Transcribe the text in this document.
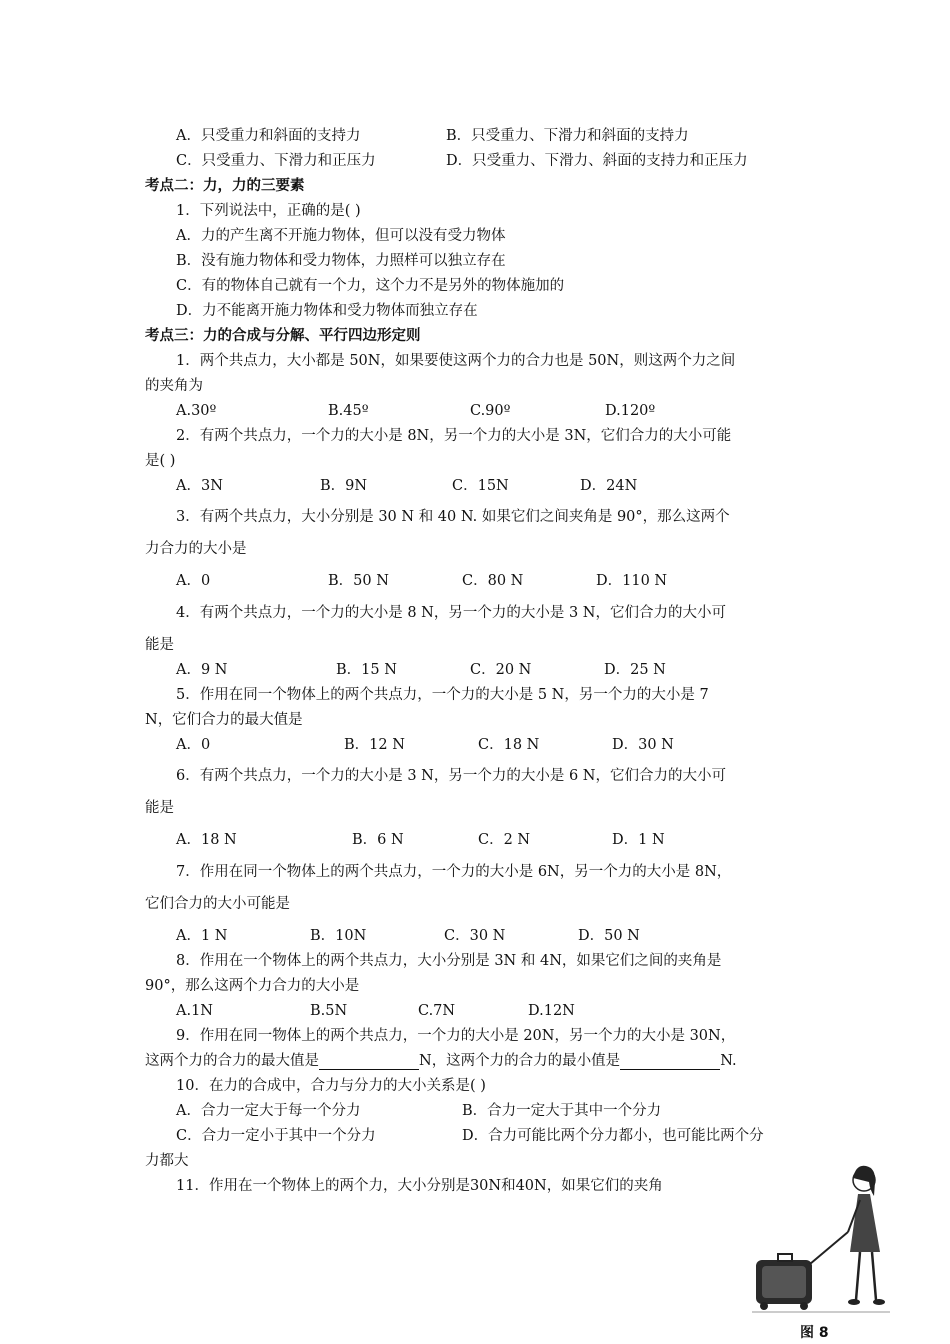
A．只受重力和斜面的支持力	B．只受重力、下滑力和斜面的支持力
C．只受重力、下滑力和正压力	D．只受重力、下滑力、斜面的支持力和正压力
考点二：力，力的三要素
1．下列说法中，正确的是( )
A．力的产生离不开施力物体，但可以没有受力物体
B．没有施力物体和受力物体，力照样可以独立存在
C．有的物体自己就有一个力，这个力不是另外的物体施加的
D．力不能离开施力物体和受力物体而独立存在
考点三：力的合成与分解、平行四边形定则
1．两个共点力，大小都是 50N，如果要使这两个力的合力也是 50N，则这两个力之间
的夹角为
A.30º	B.45º	C.90º	D.120º
2．有两个共点力，一个力的大小是 8N，另一个力的大小是 3N，它们合力的大小可能
是( )
A．3N	B．9N	C．15N	D．24N
3．有两个共点力，大小分别是 30 N 和 40 N. 如果它们之间夹角是 90°，那么这两个
力合力的大小是
A．0	B．50 N	C．80 N	D．110 N
4．有两个共点力，一个力的大小是 8 N，另一个力的大小是 3 N，它们合力的大小可
能是
A．9 N	B．15 N	C．20 N	D．25 N
5．作用在同一个物体上的两个共点力，一个力的大小是 5 N，另一个力的大小是 7
N，它们合力的最大值是
A．0	B．12 N	C．18 N	D．30 N
6．有两个共点力，一个力的大小是 3 N，另一个力的大小是 6 N，它们合力的大小可
能是
A．18 N	B．6 N	C．2 N	D．1 N
7．作用在同一个物体上的两个共点力，一个力的大小是 6N，另一个力的大小是 8N，
它们合力的大小可能是
A．1 N	B．10N	C．30 N	D．50 N
8．作用在一个物体上的两个共点力，大小分别是 3N 和 4N，如果它们之间的夹角是
90°，那么这两个力合力的大小是
A.1N	B.5N	C.7N	D.12N
9．作用在同一物体上的两个共点力，一个力的大小是 20N，另一个力的大小是 30N，
这两个力的合力的最大值是	N，这两个力的合力的最小值是	N.
10．在力的合成中，合力与分力的大小关系是( )
A．合力一定大于每一个分力	B．合力一定大于其中一个分力
C．合力一定小于其中一个分力	D．合力可能比两个分力都小，也可能比两个分
力都大
11．作用在一个物体上的两个力，大小分别是30N和40N，如果它们的夹角
图 8
